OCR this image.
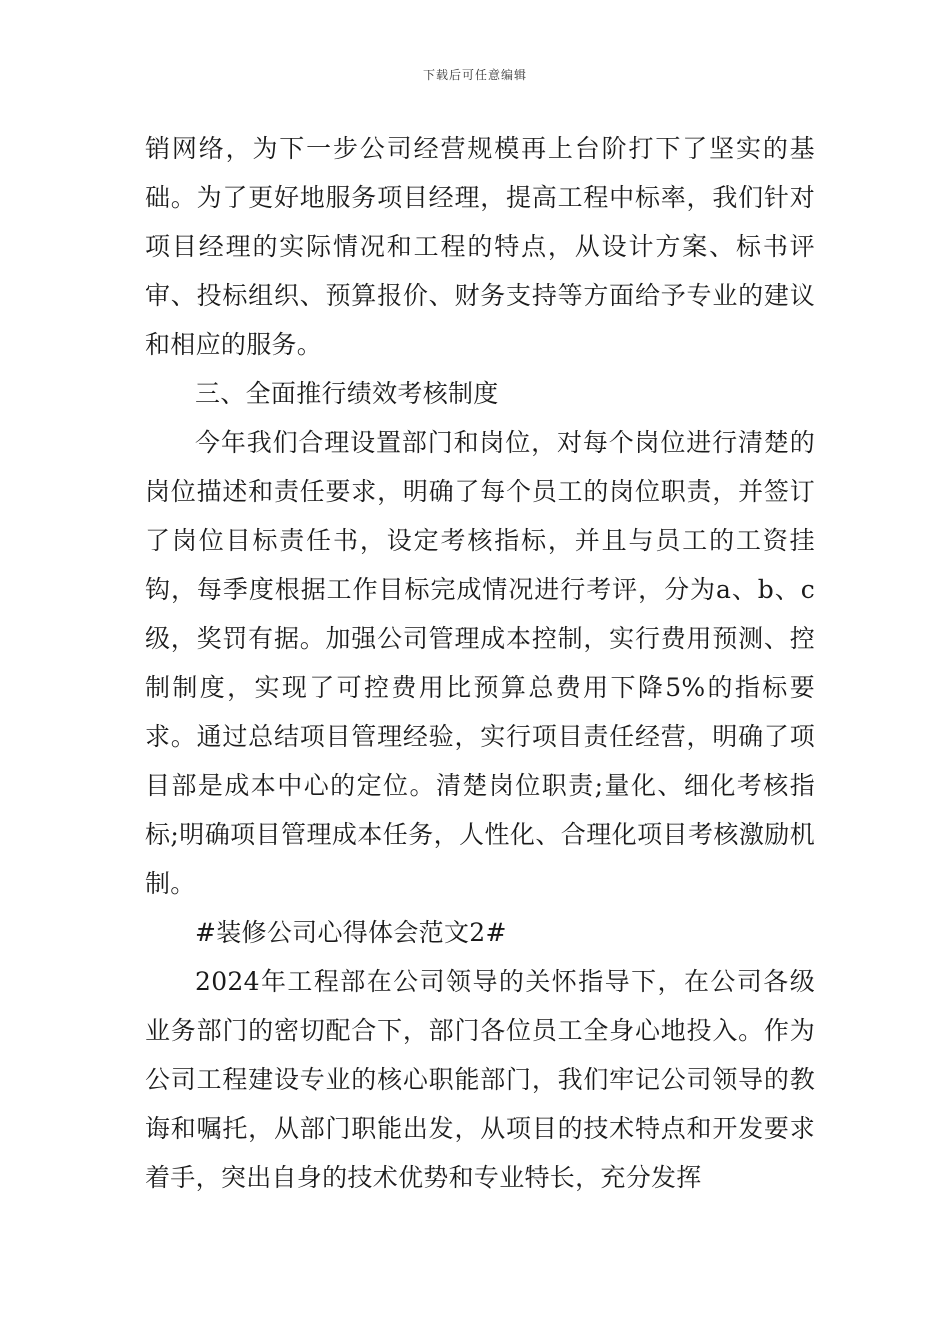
下载后可任意编辑

销网络，为下一步公司经营规模再上台阶打下了坚实的基础。为了更好地服务项目经理，提高工程中标率，我们针对项目经理的实际情况和工程的特点，从设计方案、标书评审、投标组织、预算报价、财务支持等方面给予专业的建议和相应的服务。

三、全面推行绩效考核制度

今年我们合理设置部门和岗位，对每个岗位进行清楚的岗位描述和责任要求，明确了每个员工的岗位职责，并签订了岗位目标责任书，设定考核指标，并且与员工的工资挂钩，每季度根据工作目标完成情况进行考评，分为a、b、c级，奖罚有据。加强公司管理成本控制，实行费用预测、控制制度，实现了可控费用比预算总费用下降5%的指标要求。通过总结项目管理经验，实行项目责任经营，明确了项目部是成本中心的定位。清楚岗位职责;量化、细化考核指标;明确项目管理成本任务，人性化、合理化项目考核激励机制。

#装修公司心得体会范文2#

2024年工程部在公司领导的关怀指导下，在公司各级业务部门的密切配合下，部门各位员工全身心地投入。作为公司工程建设专业的核心职能部门，我们牢记公司领导的教诲和嘱托，从部门职能出发，从项目的技术特点和开发要求着手，突出自身的技术优势和专业特长，充分发挥
